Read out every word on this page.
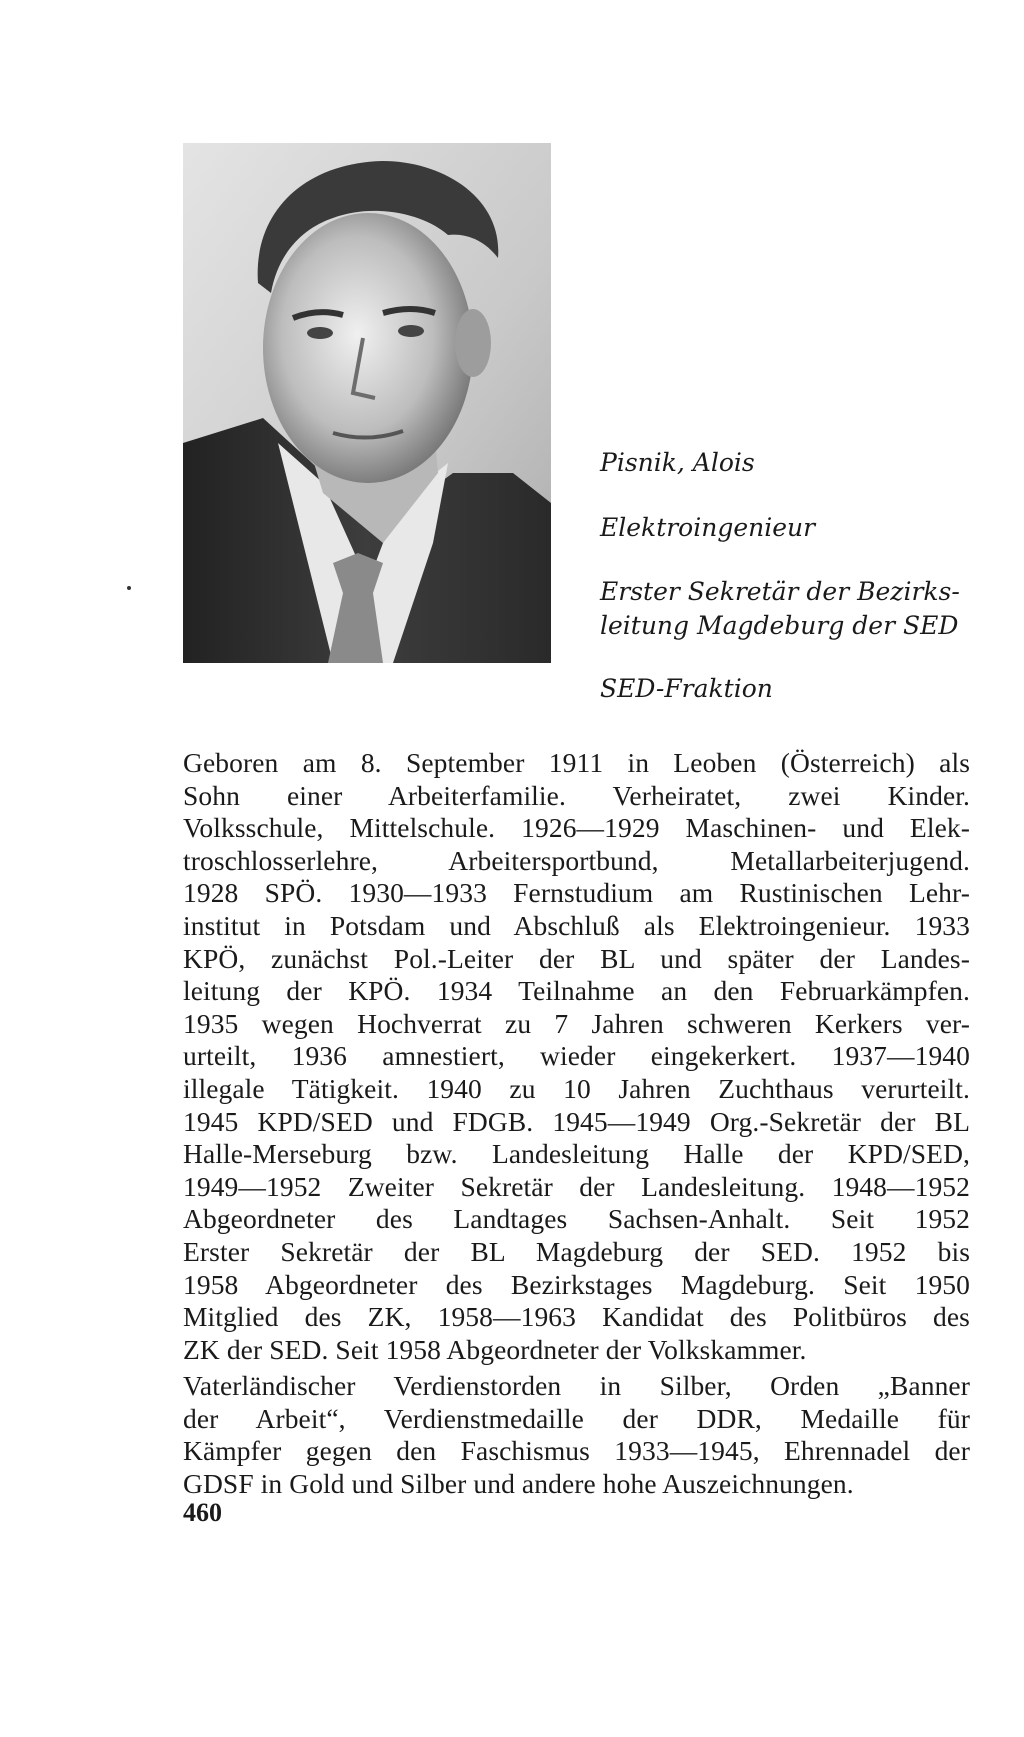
Pisnik, Alois
Elektroingenieur
Erster Sekretär der Bezirks-
leitung Magdeburg der SED
SED-Fraktion
Geboren am 8. September 1911 in Leoben (Österreich) als
Sohn einer Arbeiterfamilie. Verheiratet, zwei Kinder.
Volksschule, Mittelschule. 1926—1929 Maschinen- und Elek-
troschlosserlehre, Arbeitersportbund, Metallarbeiterjugend.
1928 SPÖ. 1930—1933 Fernstudium am Rustinischen Lehr-
institut in Potsdam und Abschluß als Elektroingenieur. 1933
KPÖ, zunächst Pol.-Leiter der BL und später der Landes-
leitung der KPÖ. 1934 Teilnahme an den Februarkämpfen.
1935 wegen Hochverrat zu 7 Jahren schweren Kerkers ver-
urteilt, 1936 amnestiert, wieder eingekerkert. 1937—1940
illegale Tätigkeit. 1940 zu 10 Jahren Zuchthaus verurteilt.
1945 KPD/SED und FDGB. 1945—1949 Org.-Sekretär der BL
Halle-Merseburg bzw. Landesleitung Halle der KPD/SED,
1949—1952 Zweiter Sekretär der Landesleitung. 1948—1952
Abgeordneter des Landtages Sachsen-Anhalt. Seit 1952
Erster Sekretär der BL Magdeburg der SED. 1952 bis
1958 Abgeordneter des Bezirkstages Magdeburg. Seit 1950
Mitglied des ZK, 1958—1963 Kandidat des Politbüros des
ZK der SED. Seit 1958 Abgeordneter der Volkskammer.
Vaterländischer Verdienstorden in Silber, Orden „Banner
der Arbeit“, Verdienstmedaille der DDR, Medaille für
Kämpfer gegen den Faschismus 1933—1945, Ehrennadel der
GDSF in Gold und Silber und andere hohe Auszeichnungen.
460
